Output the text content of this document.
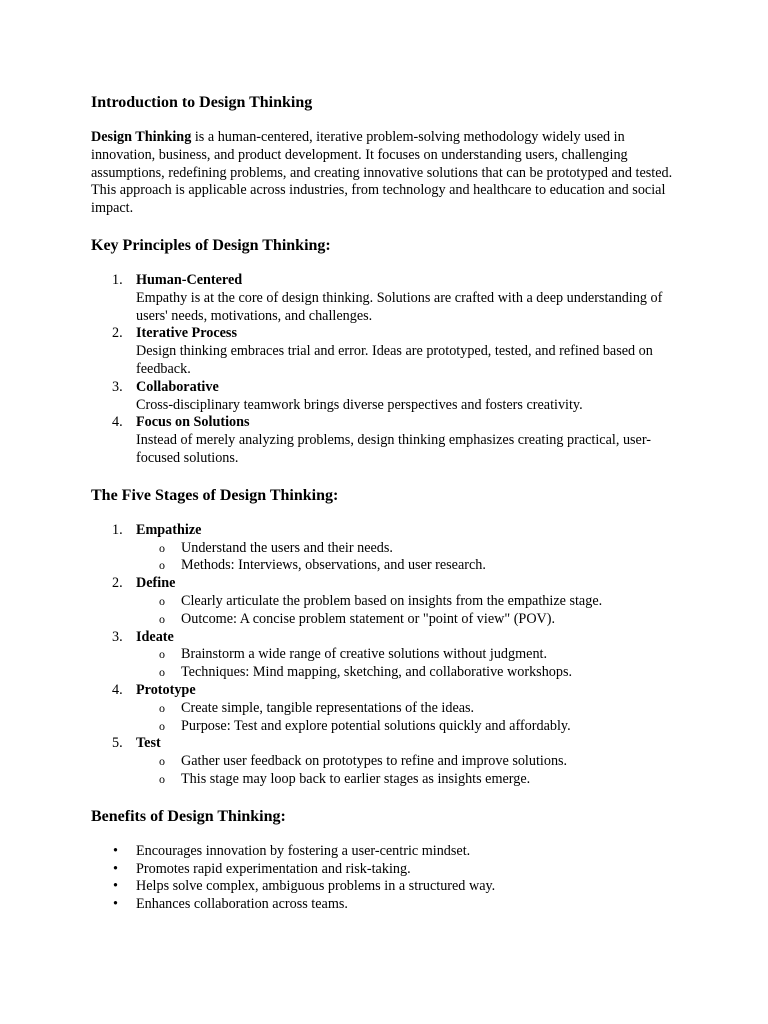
Introduction to Design Thinking

Design Thinking is a human-centered, iterative problem-solving methodology widely used in innovation, business, and product development. It focuses on understanding users, challenging assumptions, redefining problems, and creating innovative solutions that can be prototyped and tested. This approach is applicable across industries, from technology and healthcare to education and social impact.

Key Principles of Design Thinking:
1. Human-Centered
Empathy is at the core of design thinking. Solutions are crafted with a deep understanding of users' needs, motivations, and challenges.
2. Iterative Process
Design thinking embraces trial and error. Ideas are prototyped, tested, and refined based on feedback.
3. Collaborative
Cross-disciplinary teamwork brings diverse perspectives and fosters creativity.
4. Focus on Solutions
Instead of merely analyzing problems, design thinking emphasizes creating practical, user-focused solutions.
The Five Stages of Design Thinking:
1. Empathize
o Understand the users and their needs.
o Methods: Interviews, observations, and user research.
2. Define
o Clearly articulate the problem based on insights from the empathize stage.
o Outcome: A concise problem statement or "point of view" (POV).
3. Ideate
o Brainstorm a wide range of creative solutions without judgment.
o Techniques: Mind mapping, sketching, and collaborative workshops.
4. Prototype
o Create simple, tangible representations of the ideas.
o Purpose: Test and explore potential solutions quickly and affordably.
5. Test
o Gather user feedback on prototypes to refine and improve solutions.
o This stage may loop back to earlier stages as insights emerge.
Benefits of Design Thinking:
• Encourages innovation by fostering a user-centric mindset.
• Promotes rapid experimentation and risk-taking.
• Helps solve complex, ambiguous problems in a structured way.
• Enhances collaboration across teams.
